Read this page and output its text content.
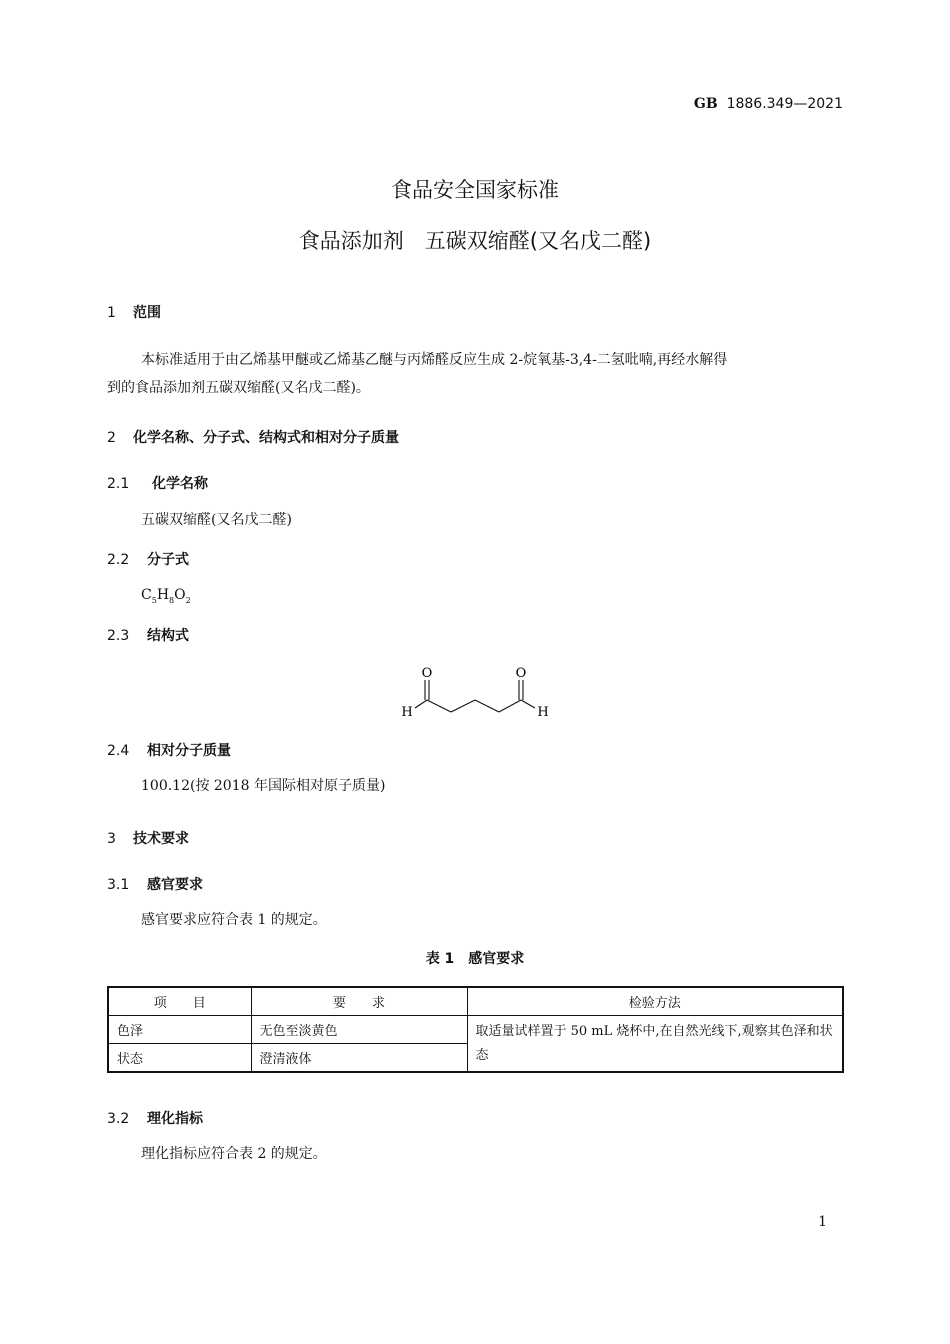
GB 1886.349—2021
食品安全国家标准
食品添加剂　五碳双缩醛(又名戊二醛)
1 范围
本标准适用于由乙烯基甲醚或乙烯基乙醚与丙烯醛反应生成 2-烷氧基-3,4-二氢吡喃,再经水解得
到的食品添加剂五碳双缩醛(又名戊二醛)。
2 化学名称、分子式、结构式和相对分子质量
2.1 化学名称
五碳双缩醛(又名戊二醛)
2.2 分子式
$C_5H_8O_2$
2.3 结构式
O	O
H	H
2.4 相对分子质量
100.12(按 2018 年国际相对原子质量)
3 技术要求
3.1 感官要求
感官要求应符合表 1 的规定。
表 1　感官要求
项　　目	要　　求	检验方法
色泽	无色至淡黄色	取适量试样置于 50 mL 烧杯中,在自然光线下,观察其色泽和状态
状态	澄清液体	
3.2 理化指标
理化指标应符合表 2 的规定。
1
